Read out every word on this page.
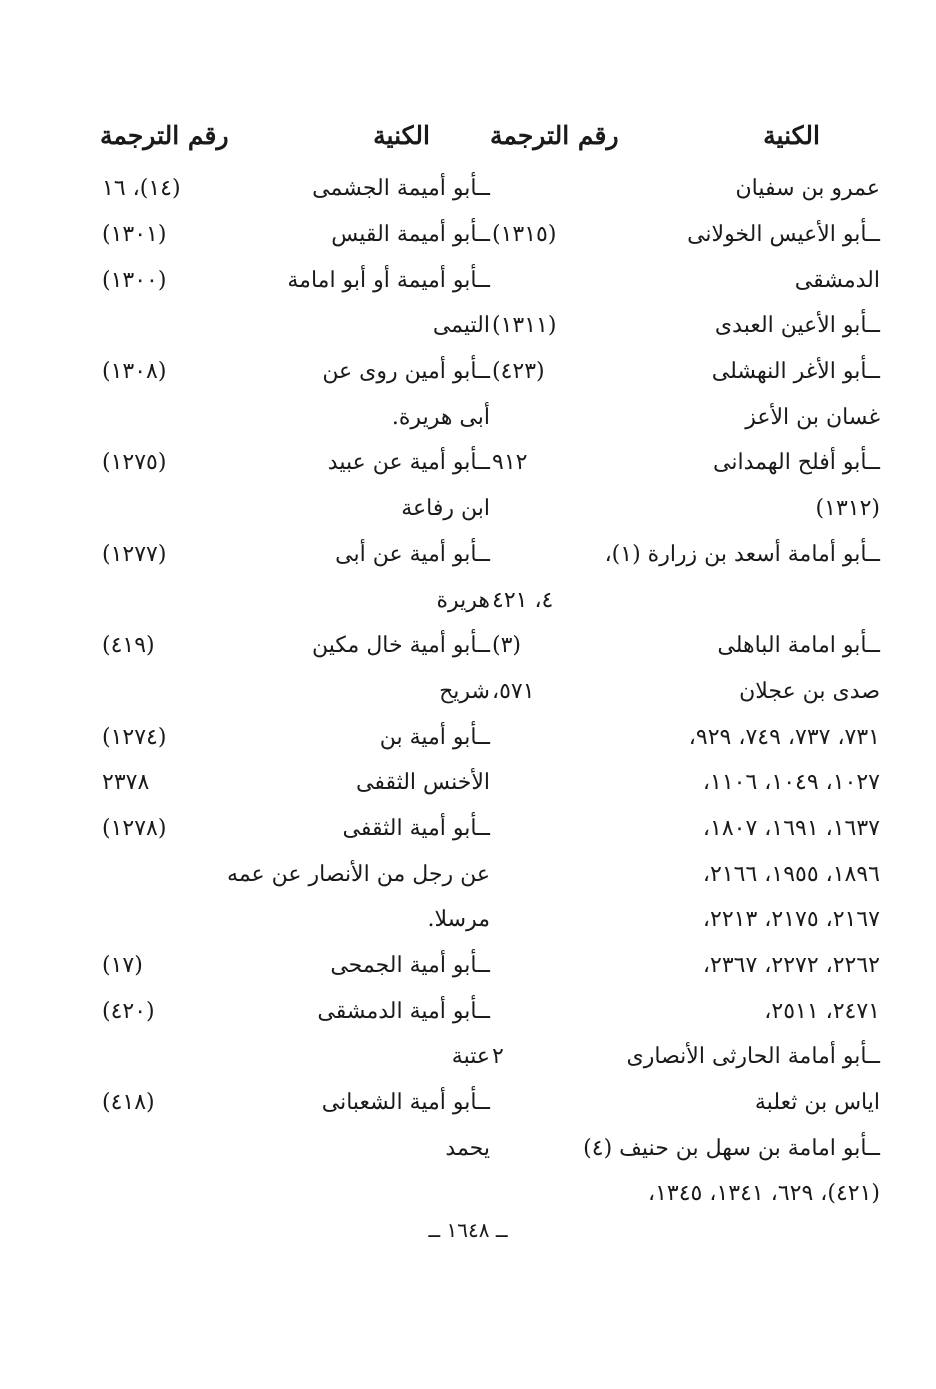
الكنية
رقم الترجمة
عمرو بن سفيان
ــأبو الأعيس الخولانى
(١٣١٥)
الدمشقى
ــأبو الأعين العبدى
(١٣١١)
ــأبو الأغر النهشلى
(٤٢٣)
غسان بن الأعز
ــأبو أفلح الهمدانى
٩١٢
(١٣١٢)
ــأبو أمامة أسعد بن زرارة (١)،
٤، ٤٢١
ــأبو امامة الباهلى
(٣)
صدى بن عجلان
٥٧١،
٧٣١، ٧٣٧، ٧٤٩، ٩٢٩،
١٠٢٧، ١٠٤٩، ١١٠٦،
١٦٣٧، ١٦٩١، ١٨٠٧،
١٨٩٦، ١٩٥٥، ٢١٦٦،
٢١٦٧، ٢١٧٥، ٢٢١٣،
٢٢٦٢، ٢٢٧٢، ٢٣٦٧،
٢٤٧١، ٢٥١١،
ــأبو أمامة الحارثى الأنصارى
٢
اياس بن ثعلبة
ــأبو امامة بن سهل بن حنيف (٤)
(٤٢١)، ٦٢٩، ١٣٤١، ١٣٤٥،
الكنية
رقم الترجمة
ــأبو أميمة الجشمى
(١٤)، ١٦
ــأبو أميمة القيس
(١٣٠١)
ــأبو أميمة أو أبو امامة
(١٣٠٠)
التيمى
ــأبو أمين روى عن
(١٣٠٨)
أبى هريرة.
ــأبو أمية عن عبيد
(١٢٧٥)
ابن رفاعة
ــأبو أمية عن أبى
(١٢٧٧)
هريرة
ــأبو أمية خال مكين
(٤١٩)
شريح
ــأبو أمية بن
(١٢٧٤)
الأخنس الثقفى
٢٣٧٨
ــأبو أمية الثقفى
(١٢٧٨)
عن رجل من الأنصار عن عمه
مرسلا.
ــأبو أمية الجمحى
(١٧)
ــأبو أمية الدمشقى
(٤٢٠)
عتبة
ــأبو أمية الشعبانى
(٤١٨)
يحمد
ــ ١٦٤٨ ــ
